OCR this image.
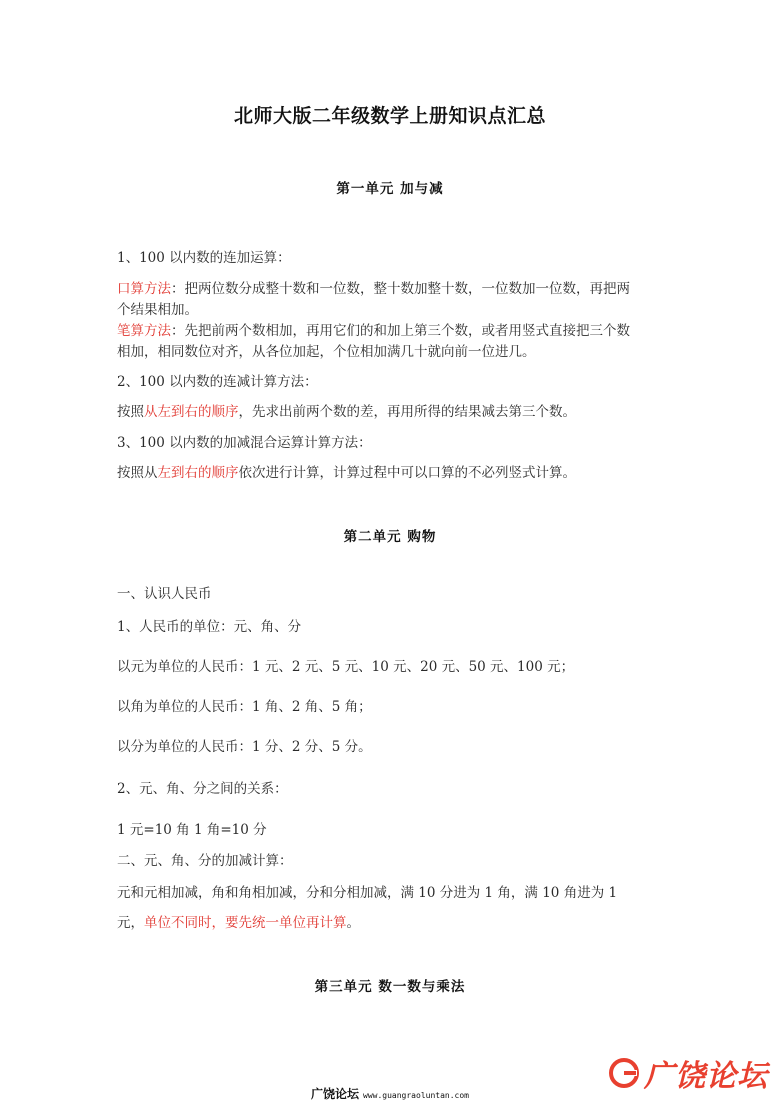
北师大版二年级数学上册知识点汇总
第一单元 加与减
1、100 以内数的连加运算：
口算方法：把两位数分成整十数和一位数，整十数加整十数，一位数加一位数，再把两
个结果相加。
笔算方法：先把前两个数相加，再用它们的和加上第三个数，或者用竖式直接把三个数
相加，相同数位对齐，从各位加起，个位相加满几十就向前一位进几。
2、100 以内数的连减计算方法：
按照从左到右的顺序，先求出前两个数的差，再用所得的结果减去第三个数。
3、100 以内数的加减混合运算计算方法：
按照从左到右的顺序依次进行计算，计算过程中可以口算的不必列竖式计算。
第二单元 购物
一、认识人民币
1、人民币的单位：元、角、分
以元为单位的人民币：1 元、2 元、5 元、10 元、20 元、50 元、100 元；
以角为单位的人民币：1 角、2 角、5 角；
以分为单位的人民币：1 分、2 分、5 分。
2、元、角、分之间的关系：
1 元=10 角 1 角=10 分
二、元、角、分的加减计算：
元和元相加减，角和角相加减，分和分相加减，满 10 分进为 1 角，满 10 角进为 1
元，单位不同时，要先统一单位再计算。
第三单元 数一数与乘法
广饶论坛
广饶论坛 www.guangraoluntan.com
